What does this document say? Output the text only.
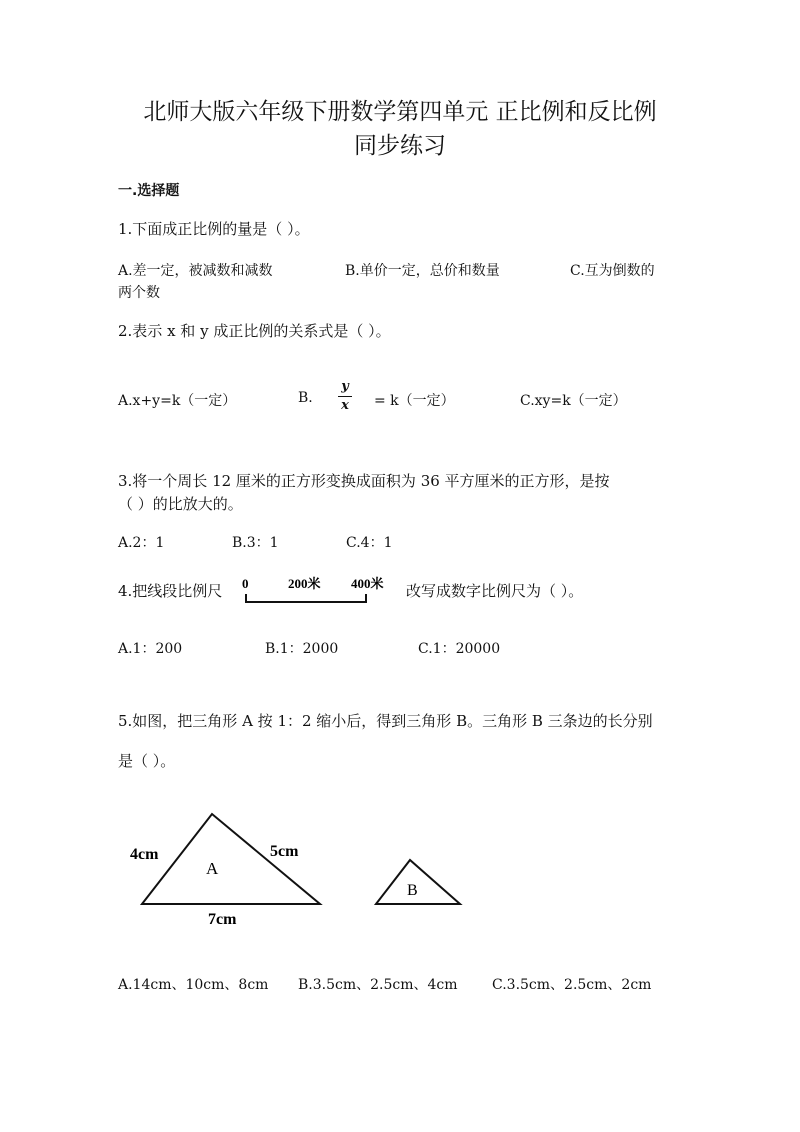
北师大版六年级下册数学第四单元 正比例和反比例
同步练习
一.选择题
1.下面成正比例的量是（ ）。
A.差一定，被减数和减数	B.单价一定，总价和数量	C.互为倒数的
两个数
2.表示 x 和 y 成正比例的关系式是（ ）。
A.x+y=k（一定）	B.
y
x = k（一定）	C.xy=k（一定）
3.将一个周长 12 厘米的正方形变换成面积为 36 平方厘米的正方形，是按
（ ）的比放大的。
A.2：1	B.3：1	C.4：1
4.把线段比例尺 0	200米 400米 改写成数字比例尺为（ ）。
A.1：200	B.1：2000	C.1：20000
5.如图，把三角形 A 按 1：2 缩小后，得到三角形 B。三角形 B 三条边的长分别
是（ ）。
A
4cm	5cm
7cm
B
A.14cm、10cm、8cm B.3.5cm、2.5cm、4cm C.3.5cm、2.5cm、2cm
